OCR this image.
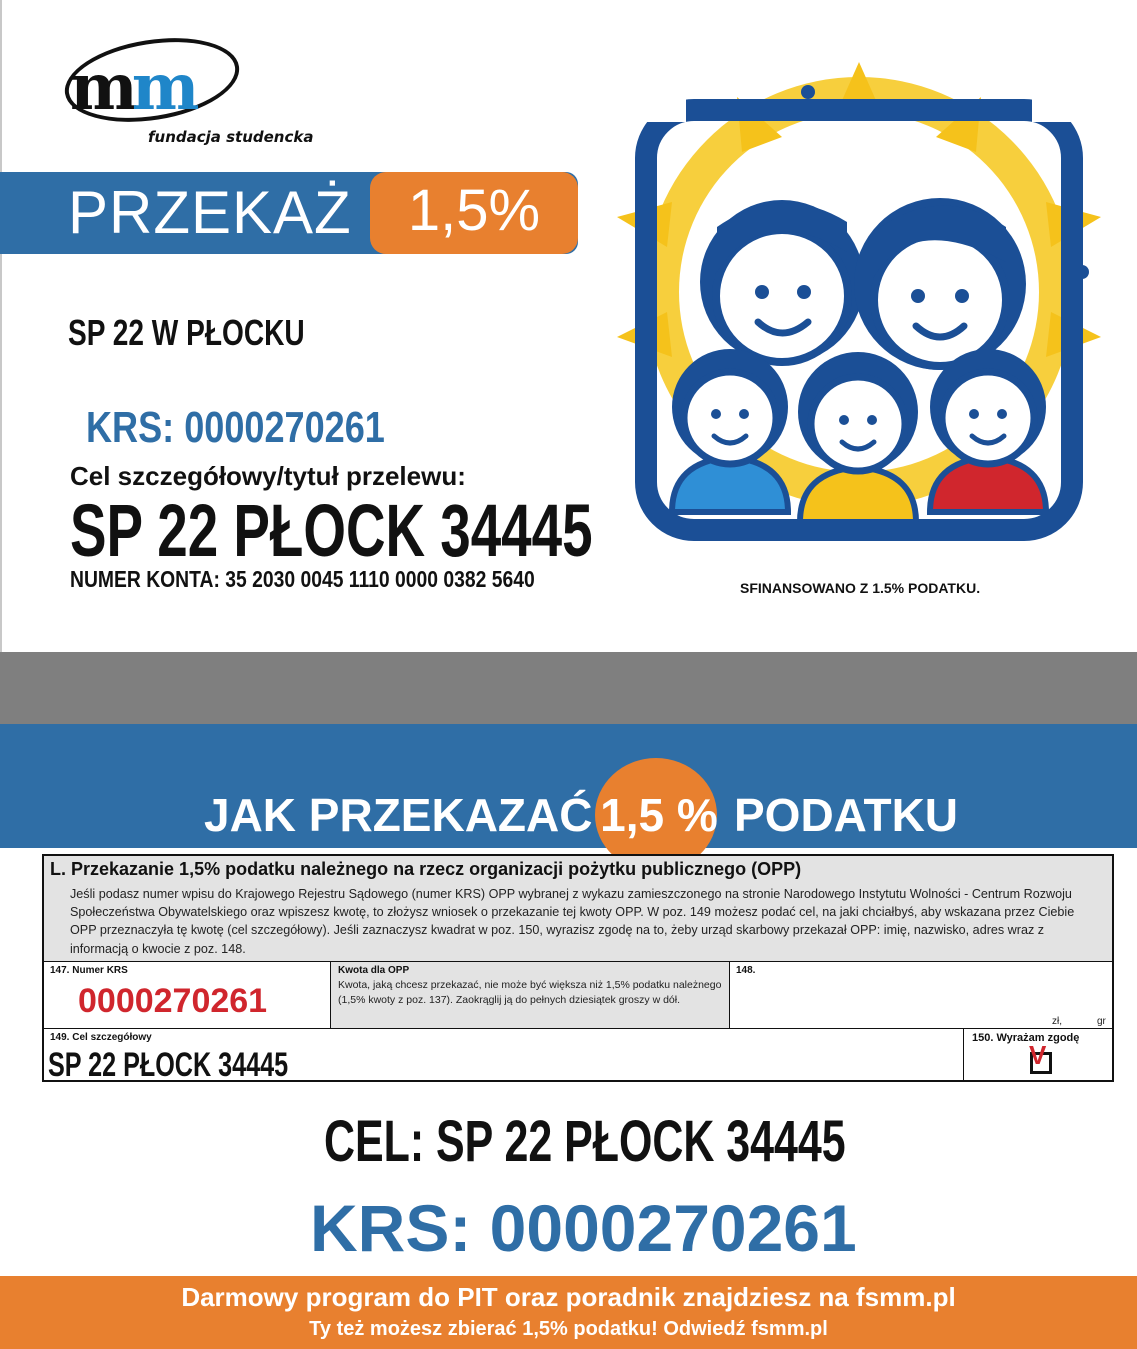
mm
fundacja studencka
PRZEKAŻ 1,5%
SP 22 W PŁOCKU
KRS: 0000270261
Cel szczegółowy/tytuł przelewu:
SP 22 PŁOCK 34445
NUMER KONTA: 35 2030 0045 1110 0000 0382 5640	SFINANSOWANO Z 1.5% PODATKU.
JAK PRZEKAZAĆ 1,5 % PODATKU
L. Przekazanie 1,5% podatku należnego na rzecz organizacji pożytku publicznego (OPP)
Jeśli podasz numer wpisu do Krajowego Rejestru Sądowego (numer KRS) OPP wybranej z wykazu zamieszczonego na stronie Narodowego Instytutu Wolności - Centrum Rozwoju Społeczeństwa Obywatelskiego oraz wpiszesz kwotę, to złożysz wniosek o przekazanie tej kwoty OPP. W poz. 149 możesz podać cel, na jaki chciałbyś, aby wskazana przez Ciebie OPP przeznaczyła tę kwotę (cel szczegółowy). Jeśli zaznaczysz kwadrat w poz. 150, wyrazisz zgodę na to, żeby urząd skarbowy przekazał OPP: imię, nazwisko, adres wraz z informacją o kwocie z poz. 148.
147. Numer KRS
0000270261
Kwota dla OPP
Kwota, jaką chcesz przekazać, nie może być większa niż 1,5% podatku należnego (1,5% kwoty z poz. 137). Zaokrąglij ją do pełnych dziesiątek groszy w dół.
148.
zł,	gr
149. Cel szczegółowy
SP 22 PŁOCK 34445
150. Wyrażam zgodę
V
CEL: SP 22 PŁOCK 34445
KRS: 0000270261
Darmowy program do PIT oraz poradnik znajdziesz na fsmm.pl
Ty też możesz zbierać 1,5% podatku! Odwiedź fsmm.pl
